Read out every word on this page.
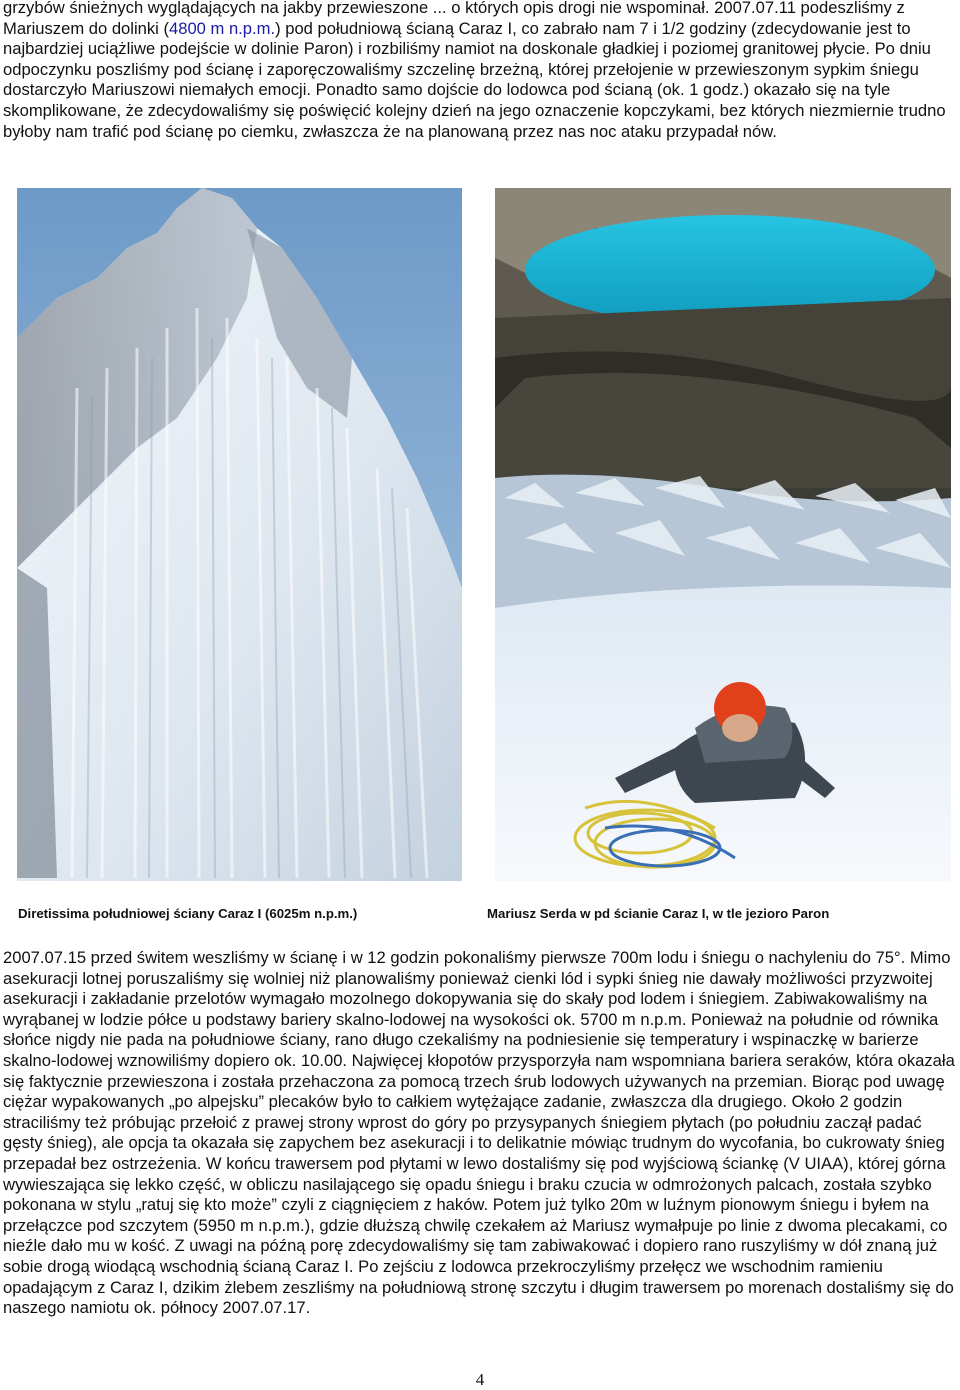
grzybów śnieżnych wyglądających na jakby przewieszone ... o których opis drogi nie wspominał. 2007.07.11 podeszliśmy z Mariuszem do dolinki (4800 m n.p.m.) pod południową ścianą Caraz I, co zabrało nam 7 i 1/2 godziny (zdecydowanie jest to najbardziej uciążliwe podejście w dolinie Paron) i rozbiliśmy namiot na doskonale gładkiej i poziomej granitowej płycie. Po dniu odpoczynku poszliśmy pod ścianę i zaporęczowaliśmy szczelinę brzeżną, której przełojenie w przewieszonym sypkim śniegu dostarczyło Mariuszowi niemałych emocji. Ponadto samo dojście do lodowca pod ścianą (ok. 1 godz.) okazało się na tyle skomplikowane, że zdecydowaliśmy się poświęcić kolejny dzień na jego oznaczenie kopczykami, bez których niezmiernie trudno byłoby nam trafić pod ścianę po ciemku, zwłaszcza że na planowaną przez nas noc ataku przypadał nów.
Diretissima południowej ściany Caraz I (6025m n.p.m.)	Mariusz Serda w pd ścianie Caraz I, w tle jezioro Paron
2007.07.15 przed świtem weszliśmy w ścianę i w 12 godzin pokonaliśmy pierwsze 700m lodu i śniegu o nachyleniu do 75°. Mimo asekuracji lotnej poruszaliśmy się wolniej niż planowaliśmy ponieważ cienki lód i sypki śnieg nie dawały możliwości przyzwoitej asekuracji i zakładanie przelotów wymagało mozolnego dokopywania się do skały pod lodem i śniegiem. Zabiwakowaliśmy na wyrąbanej w lodzie półce u podstawy bariery skalno-lodowej na wysokości ok. 5700 m n.p.m. Ponieważ na południe od równika słońce nigdy nie pada na południowe ściany, rano długo czekaliśmy na podniesienie się temperatury i wspinaczkę w barierze skalno-lodowej wznowiliśmy dopiero ok. 10.00. Najwięcej kłopotów przysporzyła nam wspomniana bariera seraków, która okazała się faktycznie przewieszona i została przehaczona za pomocą trzech śrub lodowych używanych na przemian. Biorąc pod uwagę ciężar wypakowanych „po alpejsku” plecaków było to całkiem wytężające zadanie, zwłaszcza dla drugiego. Około 2 godzin straciliśmy też próbując przełoić z prawej strony wprost do góry po przysypanych śniegiem płytach (po południu zaczął padać gęsty śnieg), ale opcja ta okazała się zapychem bez asekuracji i to delikatnie mówiąc trudnym do wycofania, bo cukrowaty śnieg przepadał bez ostrzeżenia. W końcu trawersem pod płytami w lewo dostaliśmy się pod wyjściową ściankę (V UIAA), której górna wywieszająca się lekko część, w obliczu nasilającego się opadu śniegu i braku czucia w odmrożonych palcach, została szybko pokonana w stylu „ratuj się kto może” czyli z ciągnięciem z haków. Potem już tylko 20m w luźnym pionowym śniegu i byłem na przełączce pod szczytem (5950 m n.p.m.), gdzie dłuższą chwilę czekałem aż Mariusz wymałpuje po linie z dwoma plecakami, co nieźle dało mu w kość. Z uwagi na późną porę zdecydowaliśmy się tam zabiwakować i dopiero rano ruszyliśmy w dół znaną już sobie drogą wiodącą wschodnią ścianą Caraz I. Po zejściu z lodowca przekroczyliśmy przełęcz we wschodnim ramieniu opadającym z Caraz I, dzikim żlebem zeszliśmy na południową stronę szczytu i długim trawersem po morenach dostaliśmy się do naszego namiotu ok. północy 2007.07.17.
4
